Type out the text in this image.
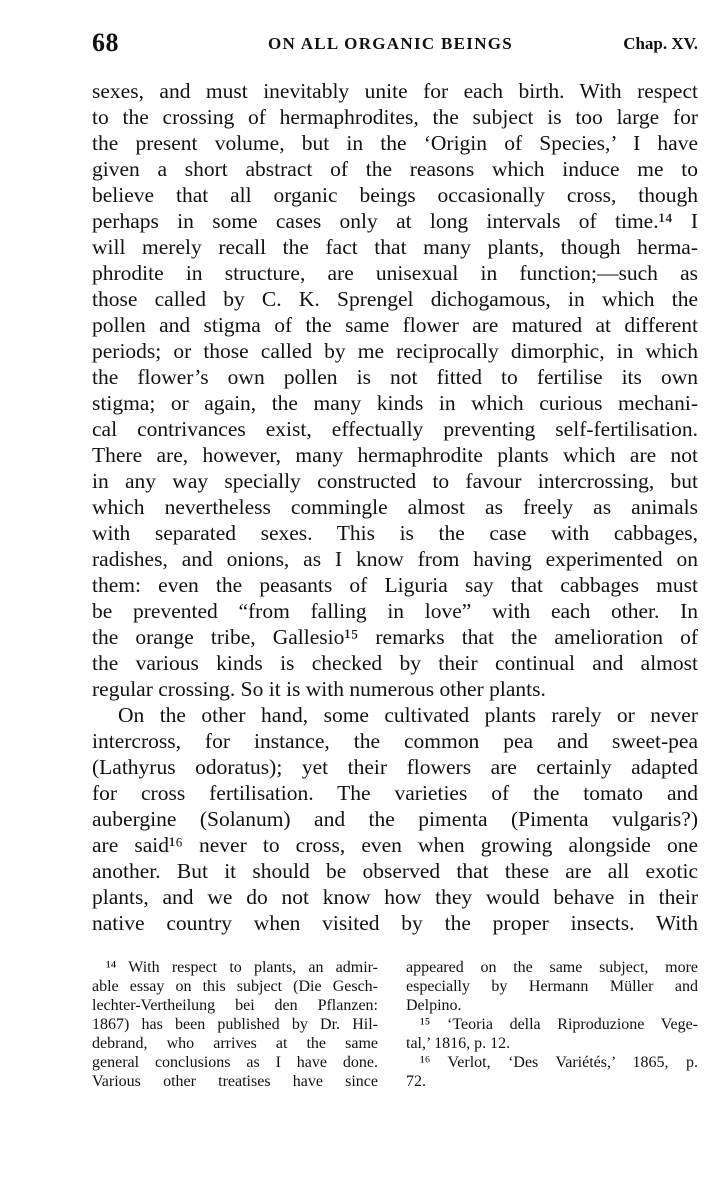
68	ON ALL ORGANIC BEINGS	Chap. XV.
sexes, and must inevitably unite for each birth. With respect
to the crossing of hermaphrodites, the subject is too large for
the present volume, but in the ‘Origin of Species,’ I have
given a short abstract of the reasons which induce me to
believe that all organic beings occasionally cross, though
perhaps in some cases only at long intervals of time.¹⁴ I
will merely recall the fact that many plants, though herma-
phrodite in structure, are unisexual in function;—such as
those called by C. K. Sprengel dichogamous, in which the
pollen and stigma of the same flower are matured at different
periods; or those called by me reciprocally dimorphic, in which
the flower’s own pollen is not fitted to fertilise its own
stigma; or again, the many kinds in which curious mechani-
cal contrivances exist, effectually preventing self-fertilisation.
There are, however, many hermaphrodite plants which are not
in any way specially constructed to favour intercrossing, but
which nevertheless commingle almost as freely as animals
with separated sexes. This is the case with cabbages,
radishes, and onions, as I know from having experimented on
them: even the peasants of Liguria say that cabbages must
be prevented “from falling in love” with each other. In
the orange tribe, Gallesio¹⁵ remarks that the amelioration of
the various kinds is checked by their continual and almost
regular crossing. So it is with numerous other plants.
On the other hand, some cultivated plants rarely or never
intercross, for instance, the common pea and sweet-pea
(Lathyrus odoratus); yet their flowers are certainly adapted
for cross fertilisation. The varieties of the tomato and
aubergine (Solanum) and the pimenta (Pimenta vulgaris?)
are said¹⁶ never to cross, even when growing alongside one
another. But it should be observed that these are all exotic
plants, and we do not know how they would behave in their
native country when visited by the proper insects. With
¹⁴ With respect to plants, an admir-
able essay on this subject (Die Gesch-
lechter-Vertheilung bei den Pflanzen:
1867) has been published by Dr. Hil-
debrand, who arrives at the same
general conclusions as I have done.
Various other treatises have since
appeared on the same subject, more
especially by Hermann Müller and
Delpino.
¹⁵ ‘Teoria della Riproduzione Vege-
tal,’ 1816, p. 12.
¹⁶ Verlot, ‘Des Variétés,’ 1865, p.
72.
